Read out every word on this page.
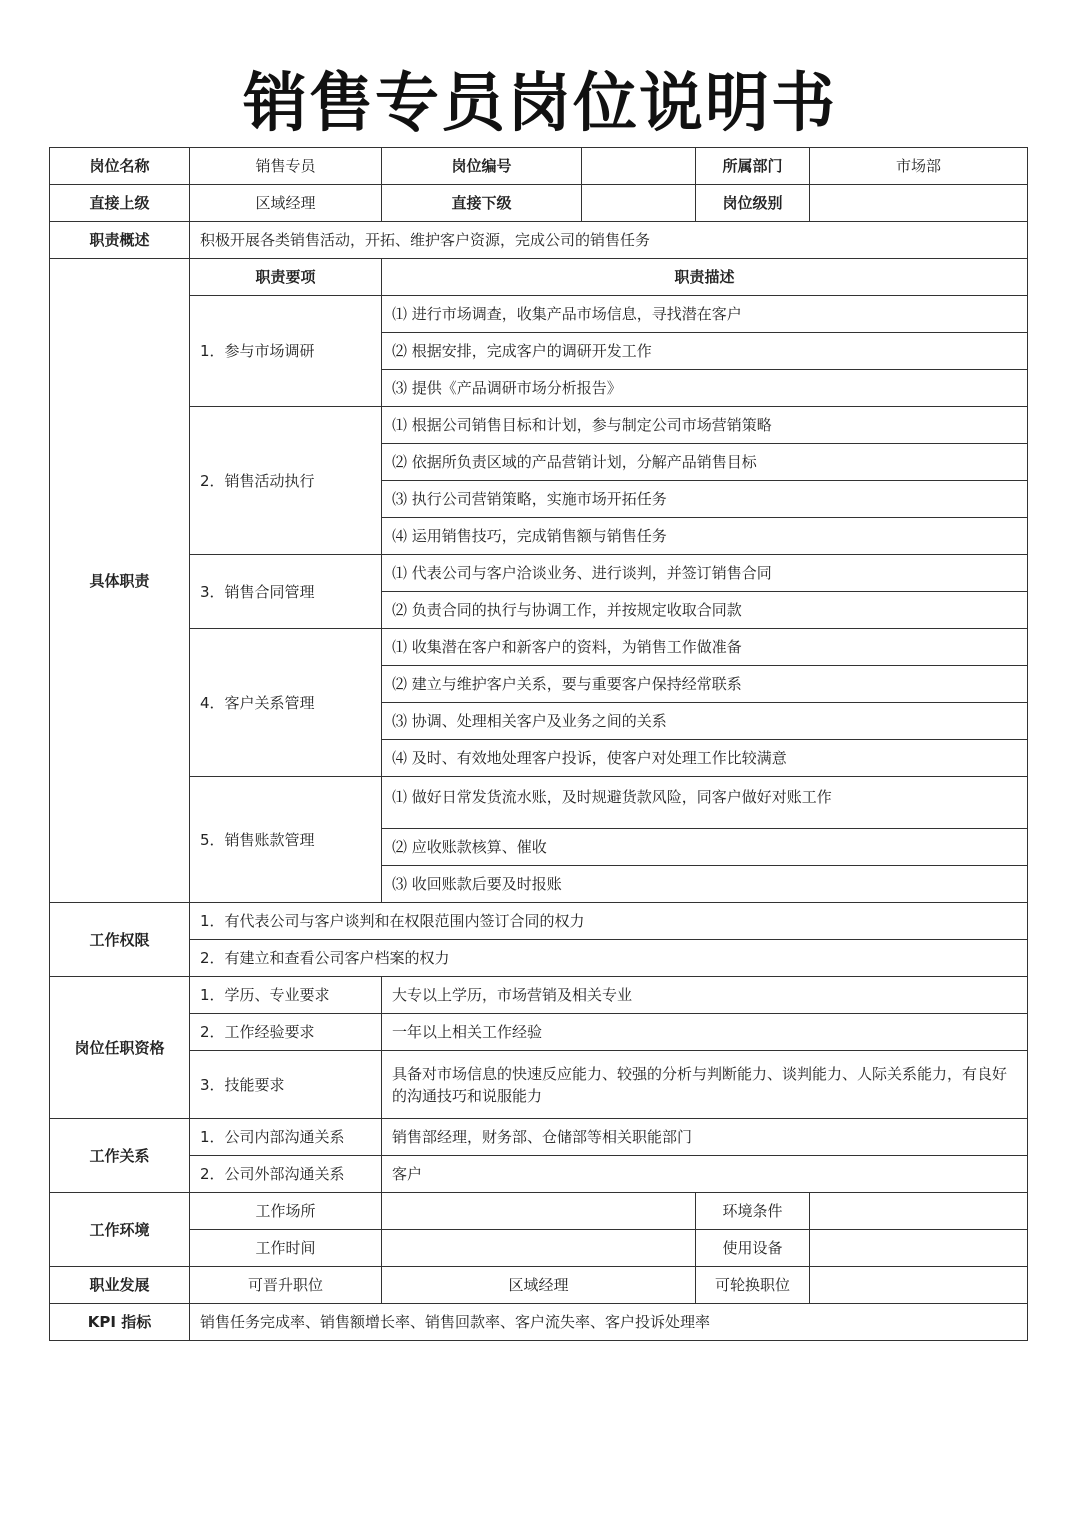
销售专员岗位说明书
岗位名称	销售专员	岗位编号		所属部门	市场部
直接上级	区域经理	直接下级		岗位级别	
职责概述	积极开展各类销售活动，开拓、维护客户资源，完成公司的销售任务				
具体职责	职责要项	职责描述			
	1．参与市场调研	⑴ 进行市场调查，收集产品市场信息，寻找潜在客户			
		⑵ 根据安排，完成客户的调研开发工作			
		⑶ 提供《产品调研市场分析报告》			
	2．销售活动执行	⑴ 根据公司销售目标和计划，参与制定公司市场营销策略			
		⑵ 依据所负责区域的产品营销计划，分解产品销售目标			
		⑶ 执行公司营销策略，实施市场开拓任务			
		⑷ 运用销售技巧，完成销售额与销售任务			
	3．销售合同管理	⑴ 代表公司与客户洽谈业务、进行谈判，并签订销售合同			
		⑵ 负责合同的执行与协调工作，并按规定收取合同款			
	4．客户关系管理	⑴ 收集潜在客户和新客户的资料，为销售工作做准备			
		⑵ 建立与维护客户关系，要与重要客户保持经常联系			
		⑶ 协调、处理相关客户及业务之间的关系			
		⑷ 及时、有效地处理客户投诉，使客户对处理工作比较满意			
	5．销售账款管理	⑴ 做好日常发货流水账，及时规避货款风险，同客户做好对账工作			
		⑵ 应收账款核算、催收			
		⑶ 收回账款后要及时报账			
工作权限	1．有代表公司与客户谈判和在权限范围内签订合同的权力				
	2．有建立和查看公司客户档案的权力				
岗位任职资格	1．学历、专业要求	大专以上学历，市场营销及相关专业			
	2．工作经验要求	一年以上相关工作经验			
	3．技能要求	具备对市场信息的快速反应能力、较强的分析与判断能力、谈判能力、人际关系能力，有良好的沟通技巧和说服能力			
工作关系	1．公司内部沟通关系	销售部经理，财务部、仓储部等相关职能部门			
	2．公司外部沟通关系	客户			
工作环境	工作场所			环境条件	
	工作时间			使用设备	
职业发展	可晋升职位	区域经理		可轮换职位	
KPI 指标	销售任务完成率、销售额增长率、销售回款率、客户流失率、客户投诉处理率				
